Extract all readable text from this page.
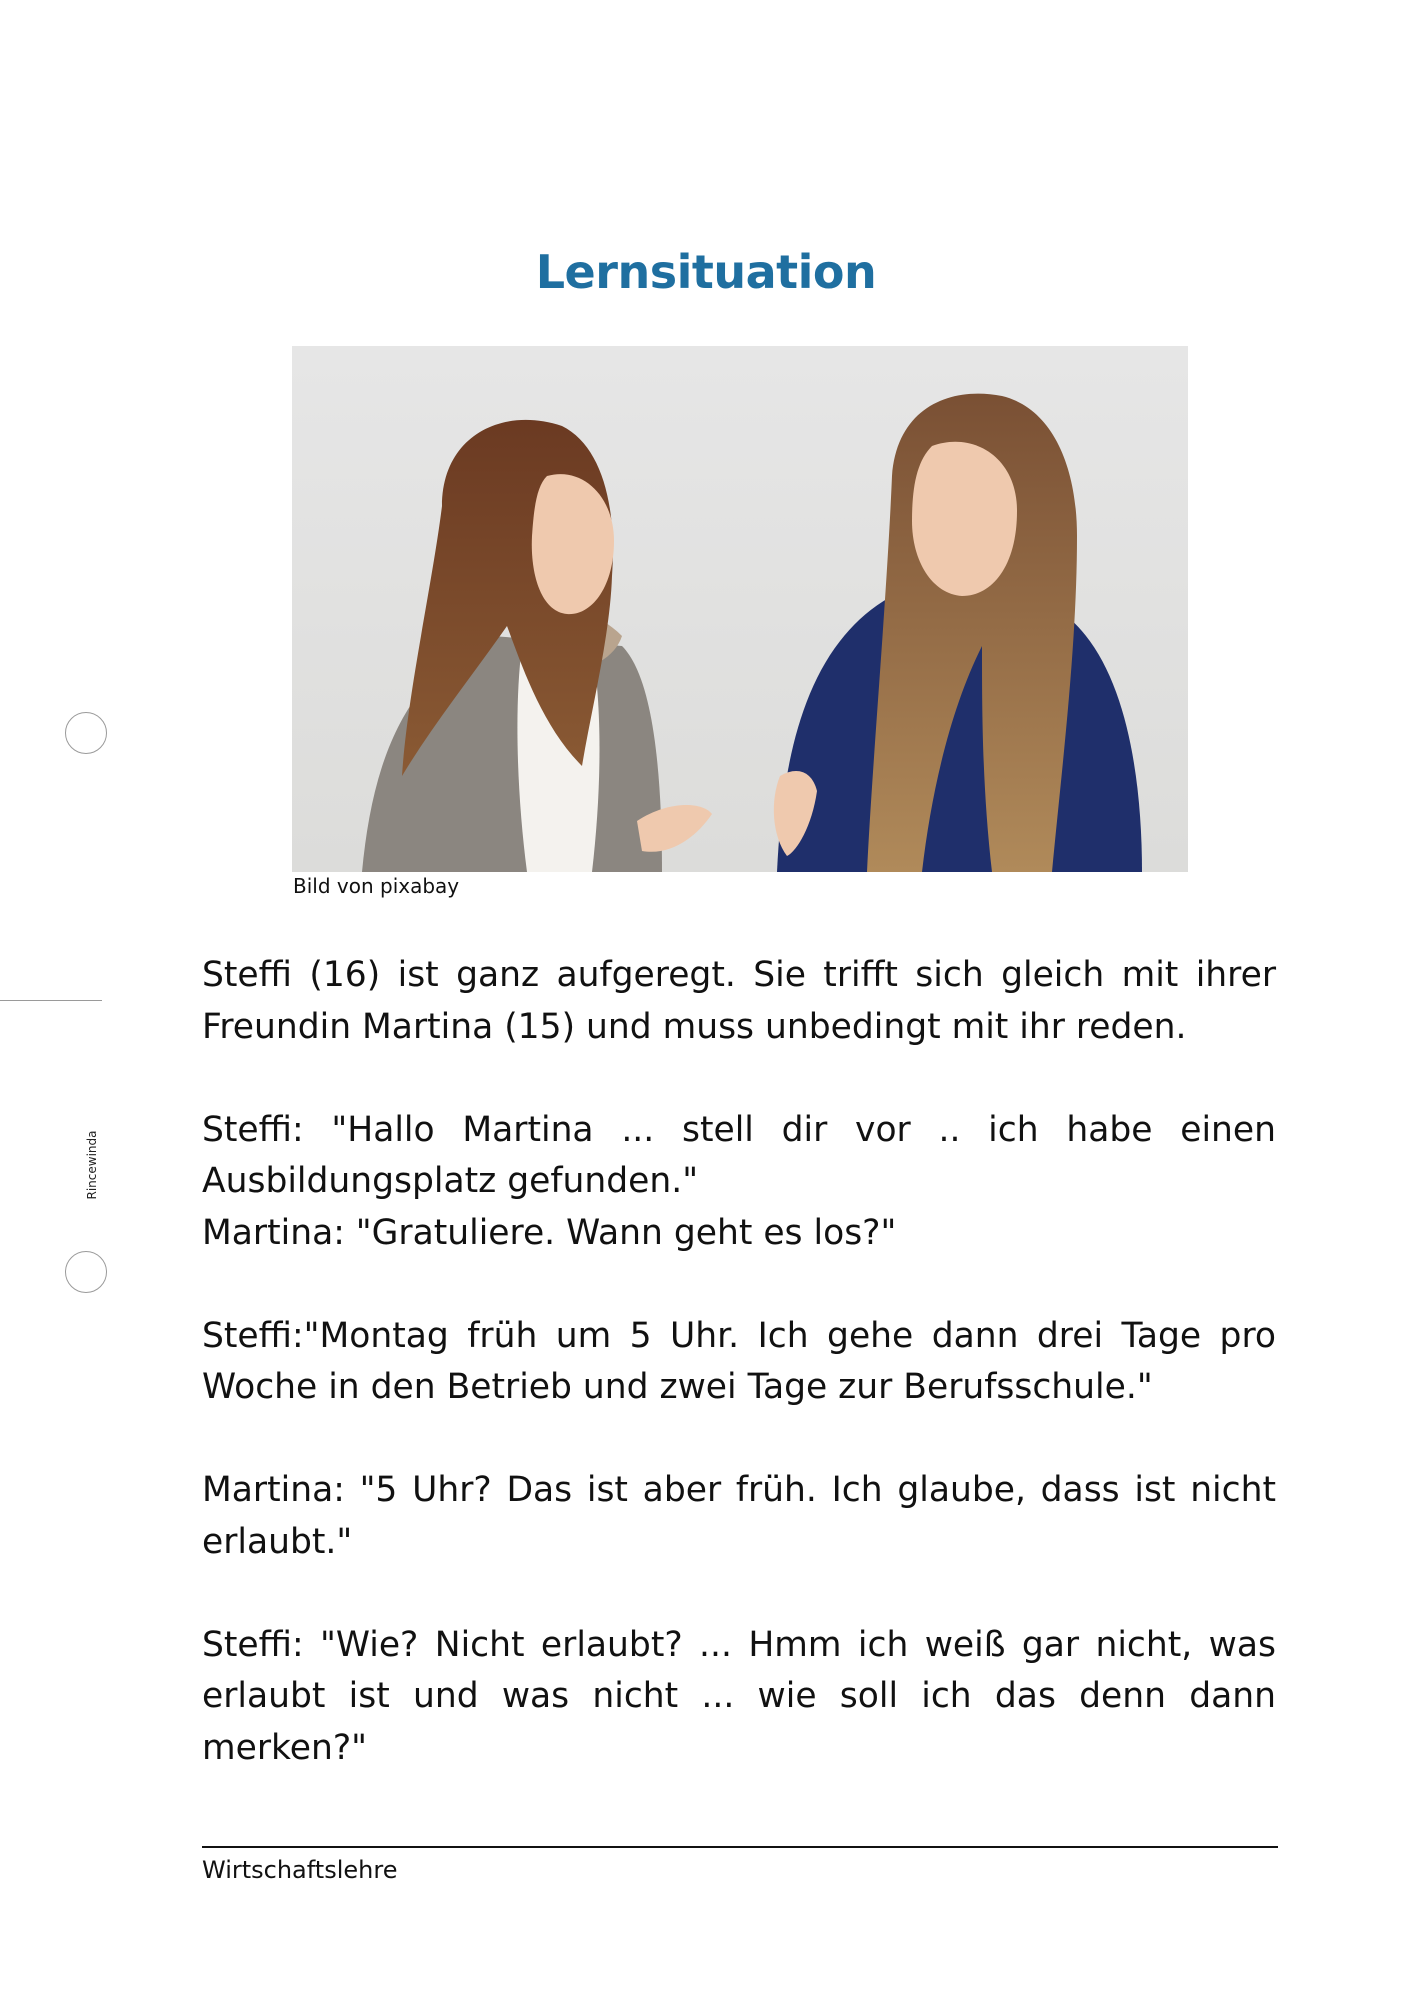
Rincewinda
Lernsituation
Bild von pixabay

Steffi (16) ist ganz aufgeregt. Sie trifft sich gleich mit ihrer Freundin Martina (15) und muss unbedingt mit ihr reden.

Steffi: "Hallo Martina ... stell dir vor .. ich habe einen Ausbildungsplatz gefunden."

Martina: "Gratuliere. Wann geht es los?"

Steffi:"Montag früh um 5 Uhr. Ich gehe dann drei Tage pro Woche in den Betrieb und zwei Tage zur Berufsschule."

Martina: "5 Uhr? Das ist aber früh. Ich glaube, dass ist nicht erlaubt."

Steffi: "Wie? Nicht erlaubt? ... Hmm ich weiß gar nicht, was erlaubt ist und was nicht ... wie soll ich das denn dann merken?"

Wirtschaftslehre
